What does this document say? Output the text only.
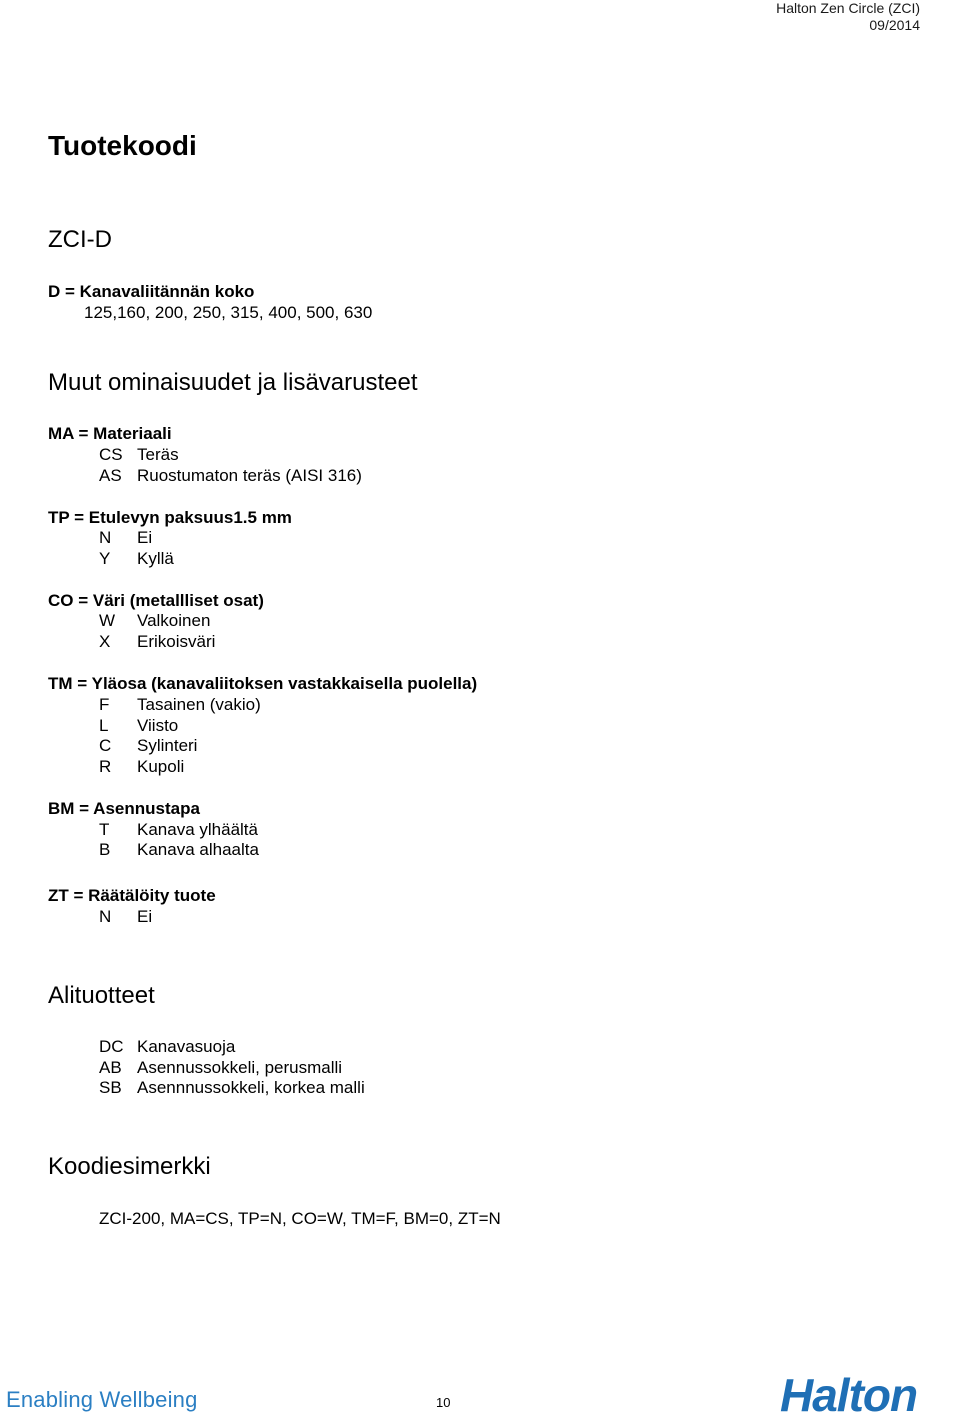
Halton Zen Circle (ZCI)
09/2014
Tuotekoodi
ZCI-D
D = Kanavaliitännän koko
125,160, 200, 250, 315, 400, 500, 630
Muut ominaisuudet ja lisävarusteet
MA = Materiaali
CS Teräs
AS Ruostumaton teräs (AISI 316)
TP = Etulevyn paksuus1.5 mm
N Ei
Y Kyllä
CO = Väri (metallliset osat)
W Valkoinen
X Erikoisväri
TM = Yläosa (kanavaliitoksen vastakkaisella puolella)
F Tasainen (vakio)
L Viisto
C Sylinteri
R Kupoli
BM = Asennustapa
T Kanava ylhäältä
B Kanava alhaalta
ZT = Räätälöity tuote
N Ei
Alituotteet
DC Kanavasuoja
AB Asennussokkeli, perusmalli
SB Asennnussokkeli, korkea malli
Koodiesimerkki
ZCI-200, MA=CS, TP=N, CO=W, TM=F, BM=0, ZT=N
Enabling Wellbeing	10	Halton
